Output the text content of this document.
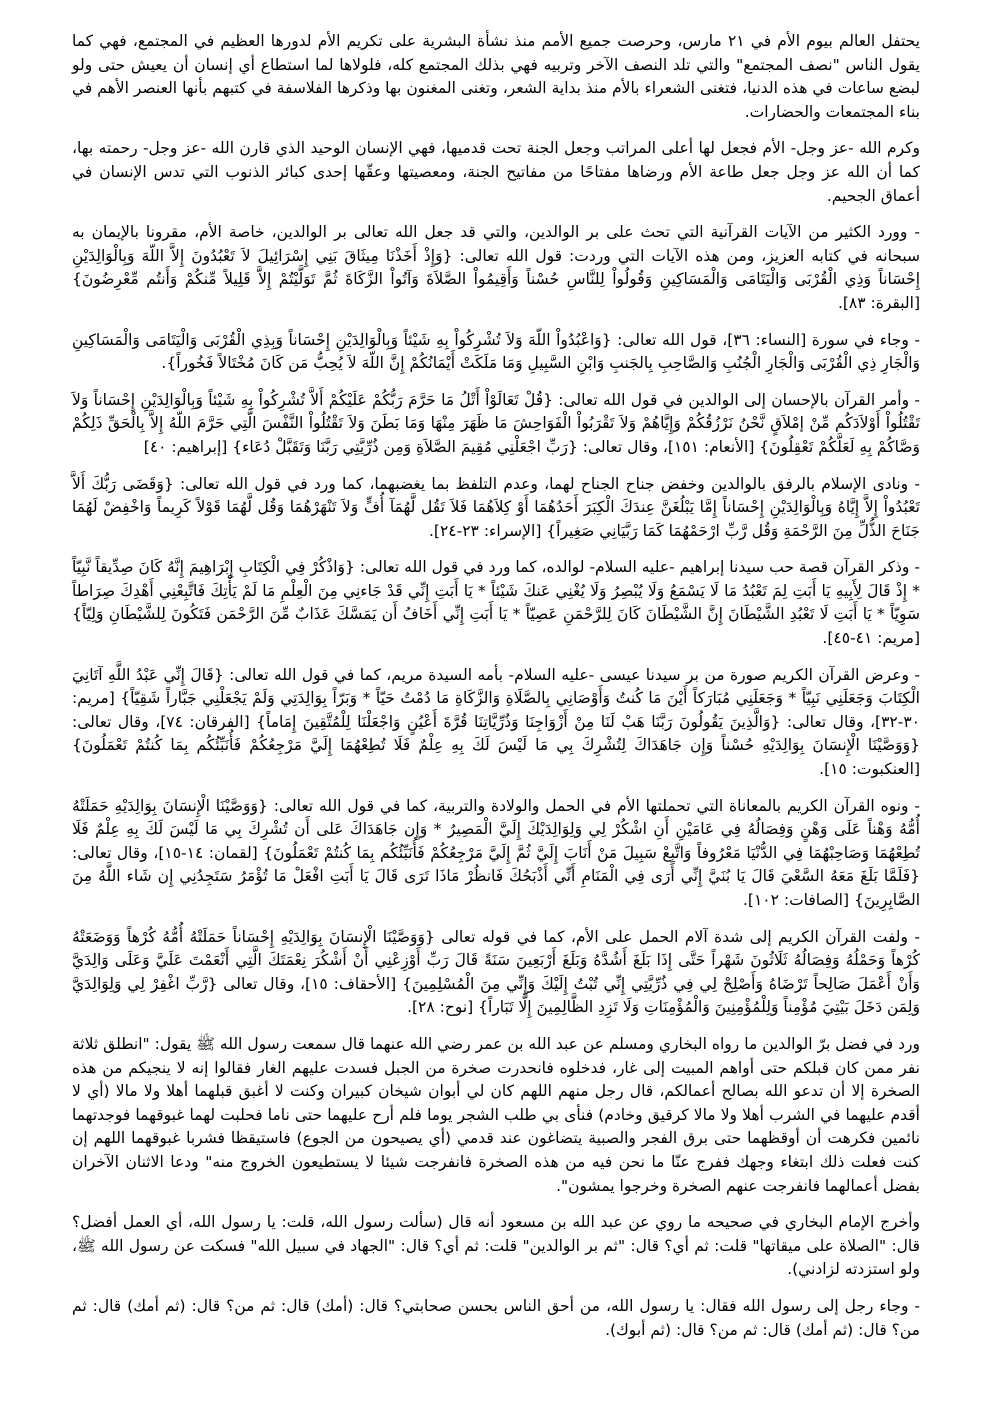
يحتفل العالم بيوم الأم في ٢١ مارس، وحرصت جميع الأمم منذ نشأة البشرية على تكريم الأم لدورها العظيم في المجتمع، فهي كما يقول الناس "نصف المجتمع" والتي تلد النصف الآخر وتربيه فهي بذلك المجتمع كله، فلولاها لما استطاع أي إنسان أن يعيش حتى ولو لبضع ساعات في هذه الدنيا، فتغنى الشعراء بالأم منذ بداية الشعر، وتغنى المغنون بها وذكرها الفلاسفة في كتبهم بأنها العنصر الأهم في بناء المجتمعات والحضارات.

وكرم الله -عز وجل- الأم فجعل لها أعلى المراتب وجعل الجنة تحت قدميها، فهي الإنسان الوحيد الذي قارن الله -عز وجل- رحمته بها، كما أن الله عز وجل جعل طاعة الأم ورضاها مفتاحًا من مفاتيح الجنة، ومعصيتها وعقّها إحدى كبائر الذنوب التي تدس الإنسان في أعماق الجحيم.

- وورد الكثير من الآيات القرآنية التي تحث على بر الوالدين، والتي قد جعل الله تعالى بر الوالدين، خاصة الأم، مقرونا بالإيمان به سبحانه في كتابه العزيز، ومن هذه الآيات التي وردت: قول الله تعالى: {وَإِذْ أَخَذْنَا مِيثَاقَ بَنِي إِسْرَائِيلَ لاَ تَعْبُدُونَ إِلاَّ اللّهَ وَبِالْوَالِدَيْنِ إِحْسَاناً وَذِي الْقُرْبَى وَالْيَتَامَى وَالْمَسَاكِينِ وَقُولُواْ لِلنَّاسِ حُسْناً وَأَقِيمُواْ الصَّلاَةَ وَآتُواْ الزَّكَاةَ ثُمَّ تَوَلَّيْتُمْ إِلاَّ قَلِيلاً مِّنكُمْ وَأَنتُم مِّعْرِضُونَ} [البقرة: ٨٣].

- وجاء في سورة [النساء: ٣٦]، قول الله تعالى: {وَاعْبُدُواْ اللّهَ وَلاَ تُشْرِكُواْ بِهِ شَيْئاً وَبِالْوَالِدَيْنِ إِحْسَاناً وَبِذِي الْقُرْبَى وَالْيَتَامَى وَالْمَسَاكِينِ وَالْجَارِ ذِي الْقُرْبَى وَالْجَارِ الْجُنُبِ وَالصَّاحِبِ بِالجَنبِ وَابْنِ السَّبِيلِ وَمَا مَلَكَتْ أَيْمَانُكُمْ إِنَّ اللّهَ لاَ يُحِبُّ مَن كَانَ مُخْتَالاً فَخُوراً}.

- وأمر القرآن بالإحسان إلى الوالدين في قول الله تعالى: {قُلْ تَعَالَوْاْ أَتْلُ مَا حَرَّمَ رَبُّكُمْ عَلَيْكُمْ أَلاَّ تُشْرِكُواْ بِهِ شَيْئاً وَبِالْوَالِدَيْنِ إِحْسَاناً وَلاَ تَقْتُلُواْ أَوْلاَدَكُم مِّنْ إمْلاَقٍ نَّحْنُ نَرْزُقُكُمْ وَإِيَّاهُمْ وَلاَ تَقْرَبُواْ الْفَوَاحِشَ مَا ظَهَرَ مِنْهَا وَمَا بَطَنَ وَلاَ تَقْتُلُواْ النَّفْسَ الَّتِي حَرَّمَ اللّهُ إِلاَّ بِالْحَقِّ ذَلِكُمْ وَصَّاكُمْ بِهِ لَعَلَّكُمْ تَعْقِلُونَ} [الأنعام: ١٥١]، وقال تعالى: {رَبِّ اجْعَلْنِي مُقِيمَ الصَّلاَةِ وَمِن ذُرِّيَّتِي رَبَّنَا وَتَقَبَّلْ دُعَاء} [إبراهيم: ٤٠]

- ونادى الإسلام بالرفق بالوالدين وخفض جناح الجناح لهما، وعدم التلفظ بما يغضبهما، كما ورد في قول الله تعالى: {وَقَضَى رَبُّكَ أَلاَّ تَعْبُدُواْ إِلاَّ إِيَّاهُ وَبِالْوَالِدَيْنِ إِحْسَاناً إِمَّا يَبْلُغَنَّ عِندَكَ الْكِبَرَ أَحَدُهُمَا أَوْ كِلاَهُمَا فَلاَ تَقُل لَّهُمَآ أُفٍّ وَلاَ تَنْهَرْهُمَا وَقُل لَّهُمَا قَوْلاً كَرِيماً وَاخْفِضْ لَهُمَا جَنَاحَ الذُّلِّ مِنَ الرَّحْمَةِ وَقُل رَّبِّ ارْحَمْهُمَا كَمَا رَبَّيَانِي صَغِيراً} [الإسراء: ٢٣-٢٤].

- وذكر القرآن قصة حب سيدنا إبراهيم -عليه السلام- لوالده، كما ورد في قول الله تعالى: {وَاذْكُرْ فِي الْكِتَابِ إِبْرَاهِيمَ إِنَّهُ كَانَ صِدِّيقاً نَّبِيّاً * إِذْ قَالَ لِأَبِيهِ يَا أَبَتِ لِمَ تَعْبُدُ مَا لَا يَسْمَعُ وَلَا يُبْصِرُ وَلَا يُغْنِي عَنكَ شَيْئاً * يَا أَبَتِ إِنِّي قَدْ جَاءنِي مِنَ الْعِلْمِ مَا لَمْ يَأْتِكَ فَاتَّبِعْنِي أَهْدِكَ صِرَاطاً سَوِيّاً * يَا أَبَتِ لَا تَعْبُدِ الشَّيْطَانَ إِنَّ الشَّيْطَانَ كَانَ لِلرَّحْمَنِ عَصِيّاً * يَا أَبَتِ إِنِّي أَخَافُ أَن يَمَسَّكَ عَذَابٌ مِّنَ الرَّحْمَن فَتَكُونَ لِلشَّيْطَانِ وَلِيّاً} [مريم: ٤١-٤٥].

- وعرض القرآن الكريم صورة من بر سيدنا عيسى -عليه السلام- بأمه السيدة مريم، كما في قول الله تعالى: {قَالَ إِنِّي عَبْدُ اللَّهِ آتَانِيَ الْكِتَابَ وَجَعَلَنِي نَبِيّاً * وَجَعَلَنِي مُبَارَكاً أَيْنَ مَا كُنتُ وَأَوْصَانِي بِالصَّلَاةِ وَالزَّكَاةِ مَا دُمْتُ حَيّاً * وَبَرّاً بِوَالِدَتِي وَلَمْ يَجْعَلْنِي جَبَّاراً شَقِيّاً} [مريم: ٣٠-٣٢]، وقال تعالى: {وَالَّذِينَ يَقُولُونَ رَبَّنَا هَبْ لَنَا مِنْ أَزْوَاجِنَا وَذُرِّيَّاتِنَا قُرَّةَ أَعْيُنٍ وَاجْعَلْنَا لِلْمُتَّقِينَ إِمَاماً} [الفرقان: ٧٤]، وقال تعالى: {وَوَصَّيْنَا الْإِنسَانَ بِوَالِدَيْهِ حُسْناً وَإِن جَاهَدَاكَ لِتُشْرِكَ بِي مَا لَيْسَ لَكَ بِهِ عِلْمٌ فَلَا تُطِعْهُمَا إِلَيَّ مَرْجِعُكُمْ فَأُنَبِّئُكُم بِمَا كُنتُمْ تَعْمَلُونَ} [العنكبوت: ١٥].

- ونوه القرآن الكريم بالمعاناة التي تحملتها الأم في الحمل والولادة والتربية، كما في قول الله تعالى: {وَوَصَّيْنَا الْإِنسَانَ بِوَالِدَيْهِ حَمَلَتْهُ أُمُّهُ وَهْناً عَلَى وَهْنٍ وَفِصَالُهُ فِي عَامَيْنِ أَنِ اشْكُرْ لِي وَلِوَالِدَيْكَ إِلَيَّ الْمَصِيرُ * وَإِن جَاهَدَاكَ عَلى أَن تُشْرِكَ بِي مَا لَيْسَ لَكَ بِهِ عِلْمٌ فَلَا تُطِعْهُمَا وَصَاحِبْهُمَا فِي الدُّنْيَا مَعْرُوفاً وَاتَّبِعْ سَبِيلَ مَنْ أَنَابَ إِلَيَّ ثُمَّ إِلَيَّ مَرْجِعُكُمْ فَأُنَبِّئُكُم بِمَا كُنتُمْ تَعْمَلُونَ} [لقمان: ١٤-١٥]، وقال تعالى: {فَلَمَّا بَلَغَ مَعَهُ السَّعْيَ قَالَ يَا بُنَيَّ إِنِّي أَرَى فِي الْمَنَامِ أَنِّي أَذْبَحُكَ فَانظُرْ مَاذَا تَرَى قَالَ يَا أَبَتِ افْعَلْ مَا تُؤْمَرُ سَتَجِدُنِي إِن شَاء اللَّهُ مِنَ الصَّابِرِينَ} [الصافات: ١٠٢].

- ولفت القرآن الكريم إلى شدة آلام الحمل على الأم، كما في قوله تعالى {وَوَصَّيْنَا الْإِنسَانَ بِوَالِدَيْهِ إِحْسَاناً حَمَلَتْهُ أُمُّهُ كُرْهاً وَوَضَعَتْهُ كُرْهاً وَحَمْلُهُ وَفِصَالُهُ ثَلَاثُونَ شَهْراً حَتَّى إِذَا بَلَغَ أَشُدَّهُ وَبَلَغَ أَرْبَعِينَ سَنَةً قَالَ رَبِّ أَوْزِعْنِي أَنْ أَشْكُرَ نِعْمَتَكَ الَّتِي أَنْعَمْتَ عَلَيَّ وَعَلَى وَالِدَيَّ وَأَنْ أَعْمَلَ صَالِحاً تَرْضَاهُ وَأَصْلِحْ لِي فِي ذُرِّيَّتِي إِنِّي تُبْتُ إِلَيْكَ وَإِنِّي مِنَ الْمُسْلِمِينَ} [الأحقاف: ١٥]، وقال تعالى {رَّبِّ اغْفِرْ لِي وَلِوَالِدَيَّ وَلِمَن دَخَلَ بَيْتِيَ مُؤْمِناً وَلِلْمُؤْمِنِينَ وَالْمُؤْمِنَاتِ وَلَا تَزِدِ الظَّالِمِينَ إِلَّا تَبَاراً} [نوح: ٢٨].

ورد في فضل برّ الوالدين ما رواه البخاري ومسلم عن عبد الله بن عمر رضي الله عنهما قال سمعت رسول الله ﷺ يقول: "انطلق ثلاثة نفر ممن كان قبلكم حتى أواهم المبيت إلى غار، فدخلوه فانحدرت صخرة من الجبل فسدت عليهم الغار فقالوا إنه لا ينجيكم من هذه الصخرة إلا أن تدعو الله بصالح أعمالكم، قال رجل منهم اللهم كان لي أبوان شيخان كبيران وكنت لا أغبق قبلهما أهلا ولا مالا (أي لا أقدم عليهما في الشرب أهلا ولا مالا كرقيق وخادم) فنأى بي طلب الشجر يوما فلم أرح عليهما حتى ناما فحلبت لهما غبوقهما فوجدتهما نائمين فكرهت أن أوقظهما حتى برق الفجر والصبية يتضاغون عند قدمي (أي يصيحون من الجوع) فاستيقظا فشربا غبوقهما اللهم إن كنت فعلت ذلك ابتغاء وجهك ففرج عنّا ما نحن فيه من هذه الصخرة فانفرجت شيئا لا يستطيعون الخروج منه" ودعا الاثنان الآخران بفضل أعمالهما فانفرجت عنهم الصخرة وخرجوا يمشون".

وأخرج الإمام البخاري في صحيحه ما روي عن عبد الله بن مسعود أنه قال (سألت رسول الله، قلت: يا رسول الله، أي العمل أفضل؟ قال: "الصلاة على ميقاتها" قلت: ثم أي؟ قال: "ثم بر الوالدين" قلت: ثم أي؟ قال: "الجهاد في سبيل الله" فسكت عن رسول الله ﷺ، ولو استزدته لزادني).

- وجاء رجل إلى رسول الله فقال: يا رسول الله، من أحق الناس بحسن صحابتي؟ قال: (أمك) قال: ثم من؟ قال: (ثم أمك) قال: ثم من؟ قال: (ثم أمك) قال: ثم من؟ قال: (ثم أبوك).
